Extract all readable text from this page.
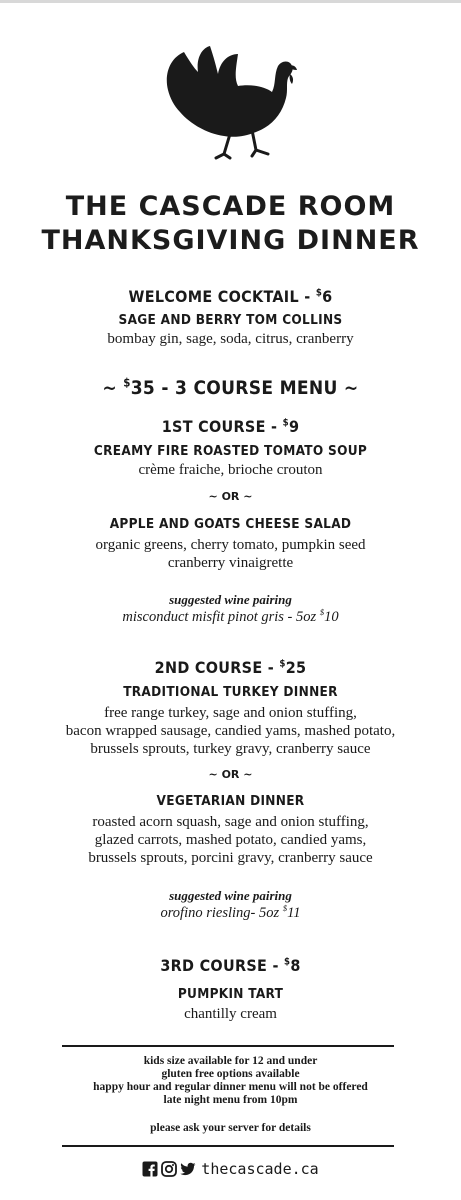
THE CASCADE ROOM
THANKSGIVING DINNER
WELCOME COCKTAIL - $6
SAGE AND BERRY TOM COLLINS
bombay gin, sage, soda, citrus, cranberry
~ $35 - 3 COURSE MENU ~
1ST COURSE - $9
CREAMY FIRE ROASTED TOMATO SOUP
crème fraiche, brioche crouton
~ OR ~
APPLE AND GOATS CHEESE SALAD
organic greens, cherry tomato, pumpkin seed
cranberry vinaigrette
suggested wine pairing
misconduct misfit pinot gris - 5oz $10
2ND COURSE - $25
TRADITIONAL TURKEY DINNER
free range turkey, sage and onion stuffing,
bacon wrapped sausage, candied yams, mashed potato,
brussels sprouts, turkey gravy, cranberry sauce
~ OR ~
VEGETARIAN DINNER
roasted acorn squash, sage and onion stuffing,
glazed carrots, mashed potato, candied yams,
brussels sprouts, porcini gravy, cranberry sauce
suggested wine pairing
orofino riesling- 5oz $11
3RD COURSE - $8
PUMPKIN TART
chantilly cream
kids size available for 12 and under
gluten free options available
happy hour and regular dinner menu will not be offered
late night menu from 10pm
please ask your server for details
thecascade.ca
